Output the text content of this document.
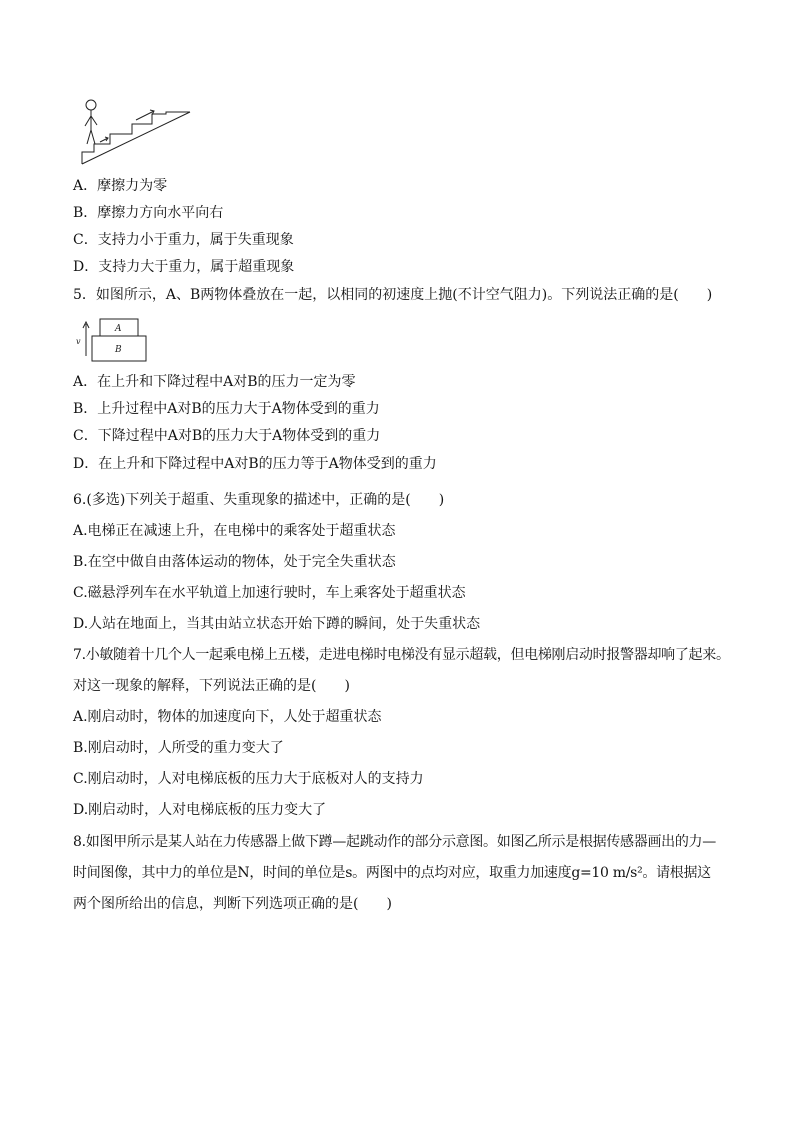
A．摩擦力为零
B．摩擦力方向水平向右
C．支持力小于重力，属于失重现象
D．支持力大于重力，属于超重现象
5．如图所示，A、B两物体叠放在一起，以相同的初速度上抛(不计空气阻力)。下列说法正确的是(　　)
v
A
B
A．在上升和下降过程中A对B的压力一定为零
B．上升过程中A对B的压力大于A物体受到的重力
C．下降过程中A对B的压力大于A物体受到的重力
D．在上升和下降过程中A对B的压力等于A物体受到的重力
6.(多选)下列关于超重、失重现象的描述中，正确的是(　　)
A.电梯正在减速上升，在电梯中的乘客处于超重状态
B.在空中做自由落体运动的物体，处于完全失重状态
C.磁悬浮列车在水平轨道上加速行驶时，车上乘客处于超重状态
D.人站在地面上，当其由站立状态开始下蹲的瞬间，处于失重状态
7.小敏随着十几个人一起乘电梯上五楼，走进电梯时电梯没有显示超载，但电梯刚启动时报警器却响了起来。
对这一现象的解释，下列说法正确的是(　　)
A.刚启动时，物体的加速度向下，人处于超重状态
B.刚启动时，人所受的重力变大了
C.刚启动时，人对电梯底板的压力大于底板对人的支持力
D.刚启动时，人对电梯底板的压力变大了
8.如图甲所示是某人站在力传感器上做下蹲—起跳动作的部分示意图。如图乙所示是根据传感器画出的力—
时间图像，其中力的单位是N，时间的单位是s。两图中的点均对应，取重力加速度g=10 m/s²。请根据这
两个图所给出的信息，判断下列选项正确的是(　　)
